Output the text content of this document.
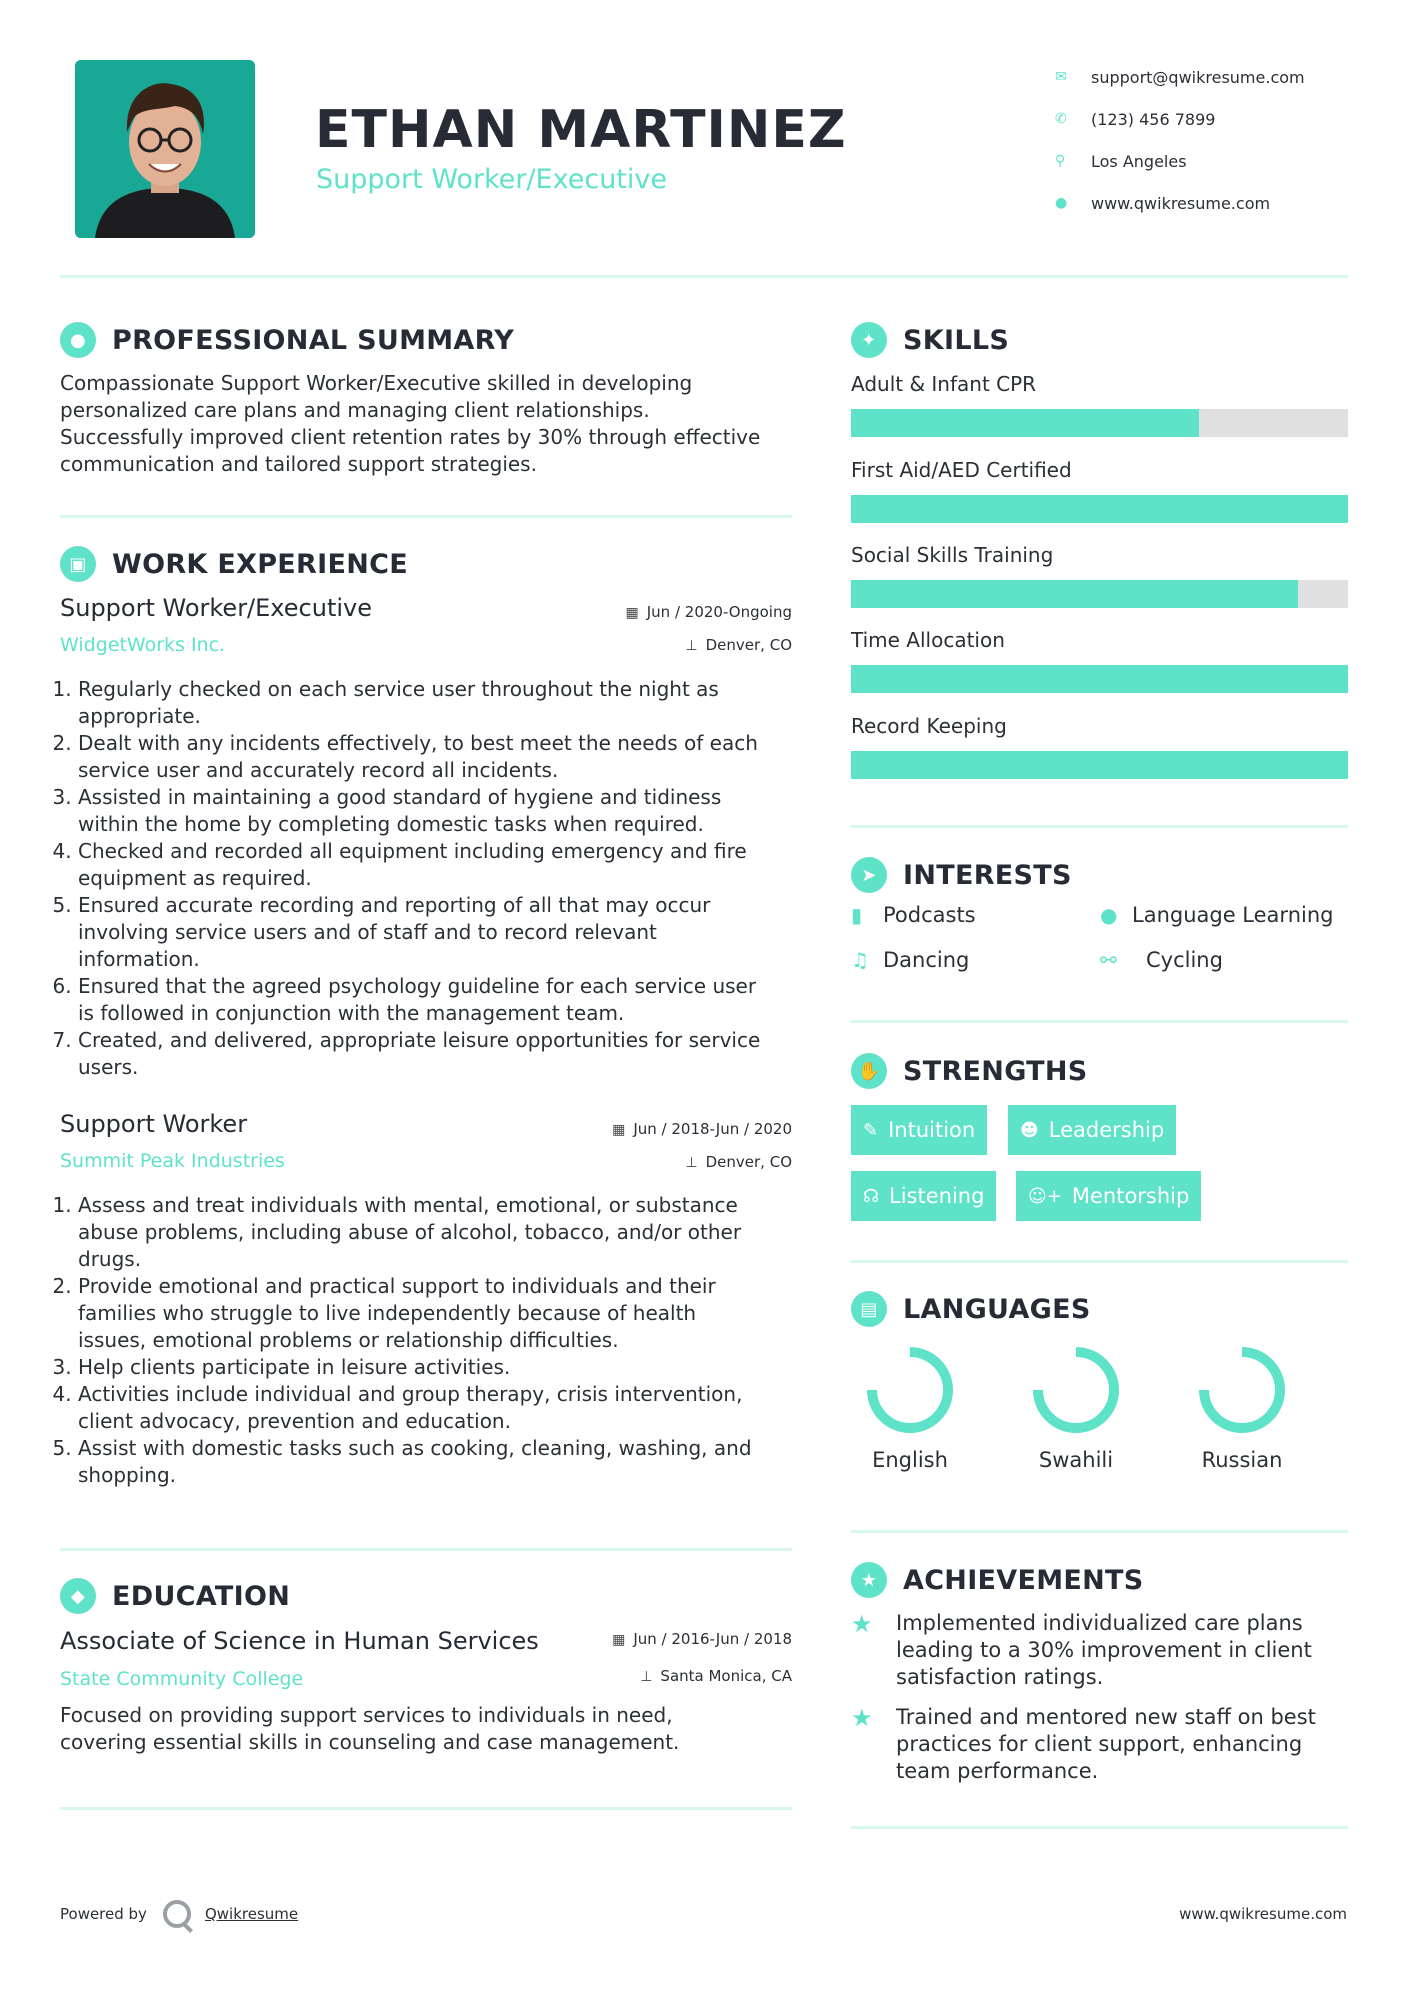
ETHAN MARTINEZ
Support Worker/Executive
✉	support@qwikresume.com
✆	(123) 456 7899
⚲	Los Angeles
●	www.qwikresume.com
● PROFESSIONAL SUMMARY
Compassionate Support Worker/Executive skilled in developing
personalized care plans and managing client relationships.
Successfully improved client retention rates by 30% through effective
communication and tailored support strategies.
▣ WORK EXPERIENCE
Support Worker/Executive
WidgetWorks Inc.
▦ Jun / 2020-Ongoing
⊥ Denver, CO
1. Regularly checked on each service user throughout the night as
appropriate.
2. Dealt with any incidents effectively, to best meet the needs of each
service user and accurately record all incidents.
3. Assisted in maintaining a good standard of hygiene and tidiness
within the home by completing domestic tasks when required.
4. Checked and recorded all equipment including emergency and fire
equipment as required.
5. Ensured accurate recording and reporting of all that may occur
involving service users and of staff and to record relevant
information.
6. Ensured that the agreed psychology guideline for each service user
is followed in conjunction with the management team.
7. Created, and delivered, appropriate leisure opportunities for service
users.
Support Worker
Summit Peak Industries
▦ Jun / 2018-Jun / 2020
⊥ Denver, CO
1. Assess and treat individuals with mental, emotional, or substance
abuse problems, including abuse of alcohol, tobacco, and/or other
drugs.
2. Provide emotional and practical support to individuals and their
families who struggle to live independently because of health
issues, emotional problems or relationship difficulties.
3. Help clients participate in leisure activities.
4. Activities include individual and group therapy, crisis intervention,
client advocacy, prevention and education.
5. Assist with domestic tasks such as cooking, cleaning, washing, and
shopping.
◆ EDUCATION
Associate of Science in Human Services
State Community College
▦ Jun / 2016-Jun / 2018
⊥ Santa Monica, CA
Focused on providing support services to individuals in need,
covering essential skills in counseling and case management.
✦ SKILLS
Adult & Infant CPR
First Aid/AED Certified
Social Skills Training
Time Allocation
Record Keeping
➤ INTERESTS
▮ Podcasts	● Language Learning
♫ Dancing	⚯	Cycling
✋ STRENGTHS
✎ Intuition ☻ Leadership
☊ Listening ☺+ Mentorship
▤ LANGUAGES
English	Swahili	Russian
★ ACHIEVEMENTS
★	Implemented individualized care plans
leading to a 30% improvement in client
satisfaction ratings.
★	Trained and mentored new staff on best
practices for client support, enhancing
team performance.
Powered by	Qwikresume	www.qwikresume.com
